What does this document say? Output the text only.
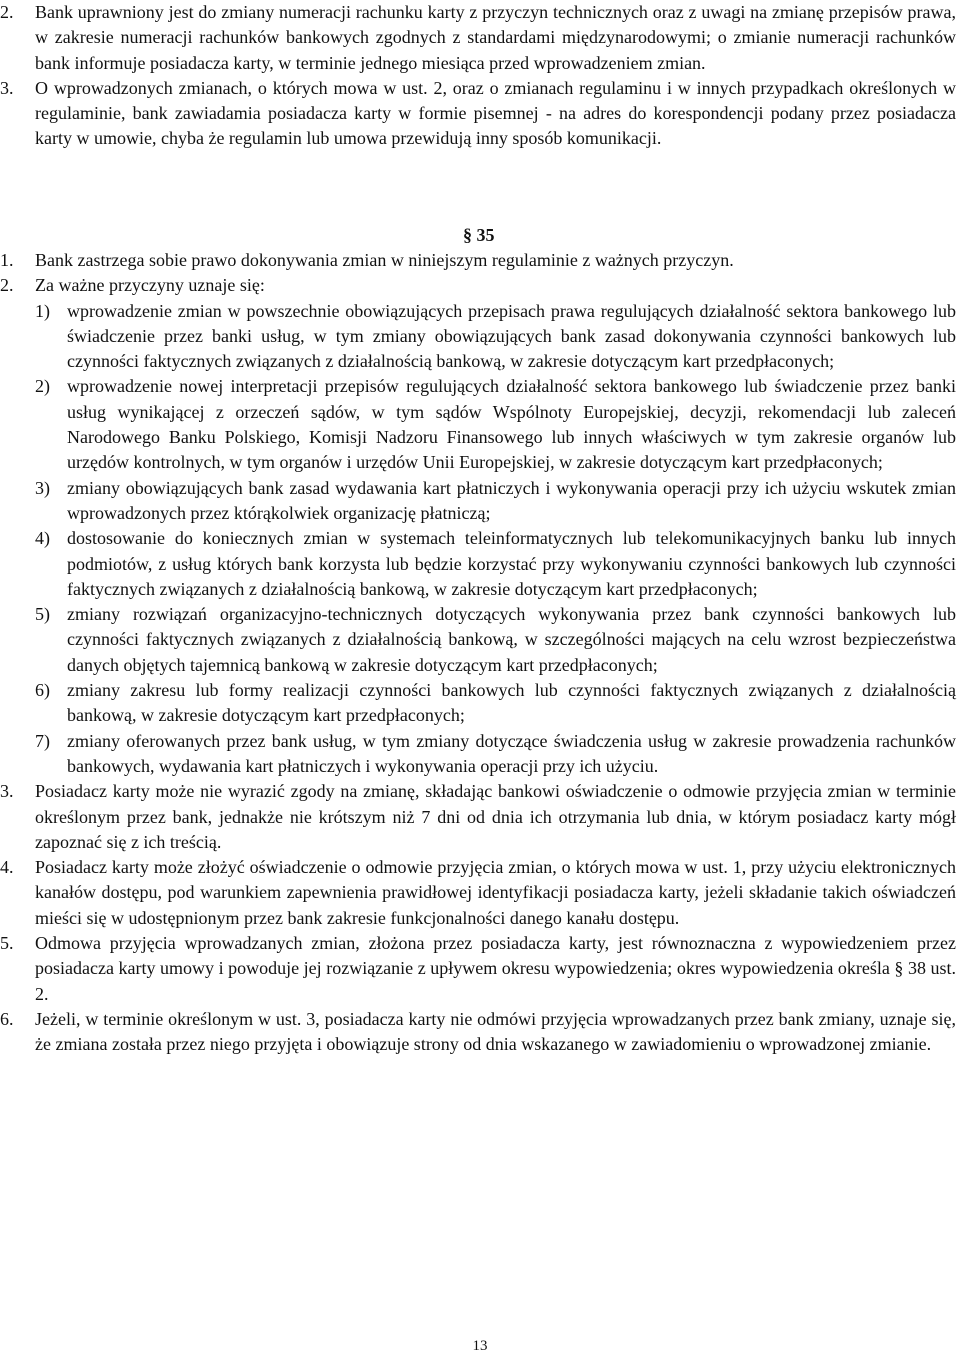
2. Bank uprawniony jest do zmiany numeracji rachunku karty z przyczyn technicznych oraz z uwagi na zmianę przepisów prawa, w zakresie numeracji rachunków bankowych zgodnych z standardami międzynarodowymi; o zmianie numeracji rachunków bank informuje posiadacza karty, w terminie jednego miesiąca przed wprowadzeniem zmian.
3. O wprowadzonych zmianach, o których mowa w ust. 2, oraz o zmianach regulaminu i w innych przypadkach określonych w regulaminie, bank zawiadamia posiadacza karty w formie pisemnej - na adres do korespondencji podany przez posiadacza karty w umowie, chyba że regulamin lub umowa przewidują inny sposób komunikacji.
§ 35
1. Bank zastrzega sobie prawo dokonywania zmian w niniejszym regulaminie z ważnych przyczyn.
2. Za ważne przyczyny uznaje się:
1) wprowadzenie zmian w powszechnie obowiązujących przepisach prawa regulujących działalność sektora bankowego lub świadczenie przez banki usług, w tym zmiany obowiązujących bank zasad dokonywania czynności bankowych lub czynności faktycznych związanych z działalnością bankową, w zakresie dotyczącym kart przedpłaconych;
2) wprowadzenie nowej interpretacji przepisów regulujących działalność sektora bankowego lub świadczenie przez banki usług wynikającej z orzeczeń sądów, w tym sądów Wspólnoty Europejskiej, decyzji, rekomendacji lub zaleceń Narodowego Banku Polskiego, Komisji Nadzoru Finansowego lub innych właściwych w tym zakresie organów lub urzędów kontrolnych, w tym organów i urzędów Unii Europejskiej, w zakresie dotyczącym kart przedpłaconych;
3) zmiany obowiązujących bank zasad wydawania kart płatniczych i wykonywania operacji przy ich użyciu wskutek zmian wprowadzonych przez którąkolwiek organizację płatniczą;
4) dostosowanie do koniecznych zmian w systemach teleinformatycznych lub telekomunikacyjnych banku lub innych podmiotów, z usług których bank korzysta lub będzie korzystać przy wykonywaniu czynności bankowych lub czynności faktycznych związanych z działalnością bankową, w zakresie dotyczącym kart przedpłaconych;
5) zmiany rozwiązań organizacyjno-technicznych dotyczących wykonywania przez bank czynności bankowych lub czynności faktycznych związanych z działalnością bankową, w szczególności mających na celu wzrost bezpieczeństwa danych objętych tajemnicą bankową w zakresie dotyczącym kart przedpłaconych;
6) zmiany zakresu lub formy realizacji czynności bankowych lub czynności faktycznych związanych z działalnością bankową, w zakresie dotyczącym kart przedpłaconych;
7) zmiany oferowanych przez bank usług, w tym zmiany dotyczące świadczenia usług w zakresie prowadzenia rachunków bankowych, wydawania kart płatniczych i wykonywania operacji przy ich użyciu.
3. Posiadacz karty może nie wyrazić zgody na zmianę, składając bankowi oświadczenie o odmowie przyjęcia zmian w terminie określonym przez bank, jednakże nie krótszym niż 7 dni od dnia ich otrzymania lub dnia, w którym posiadacz karty mógł zapoznać się z ich treścią.
4. Posiadacz karty może złożyć oświadczenie o odmowie przyjęcia zmian, o których mowa w ust. 1, przy użyciu elektronicznych kanałów dostępu, pod warunkiem zapewnienia prawidłowej identyfikacji posiadacza karty, jeżeli składanie takich oświadczeń mieści się w udostępnionym przez bank zakresie funkcjonalności danego kanału dostępu.
5. Odmowa przyjęcia wprowadzanych zmian, złożona przez posiadacza karty, jest równoznaczna z wypowiedzeniem przez posiadacza karty umowy i powoduje jej rozwiązanie z upływem okresu wypowiedzenia; okres wypowiedzenia określa § 38 ust. 2.
6. Jeżeli, w terminie określonym w ust. 3, posiadacza karty nie odmówi przyjęcia wprowadzanych przez bank zmiany, uznaje się, że zmiana została przez niego przyjęta i obowiązuje strony od dnia wskazanego w zawiadomieniu o wprowadzonej zmianie.
13
